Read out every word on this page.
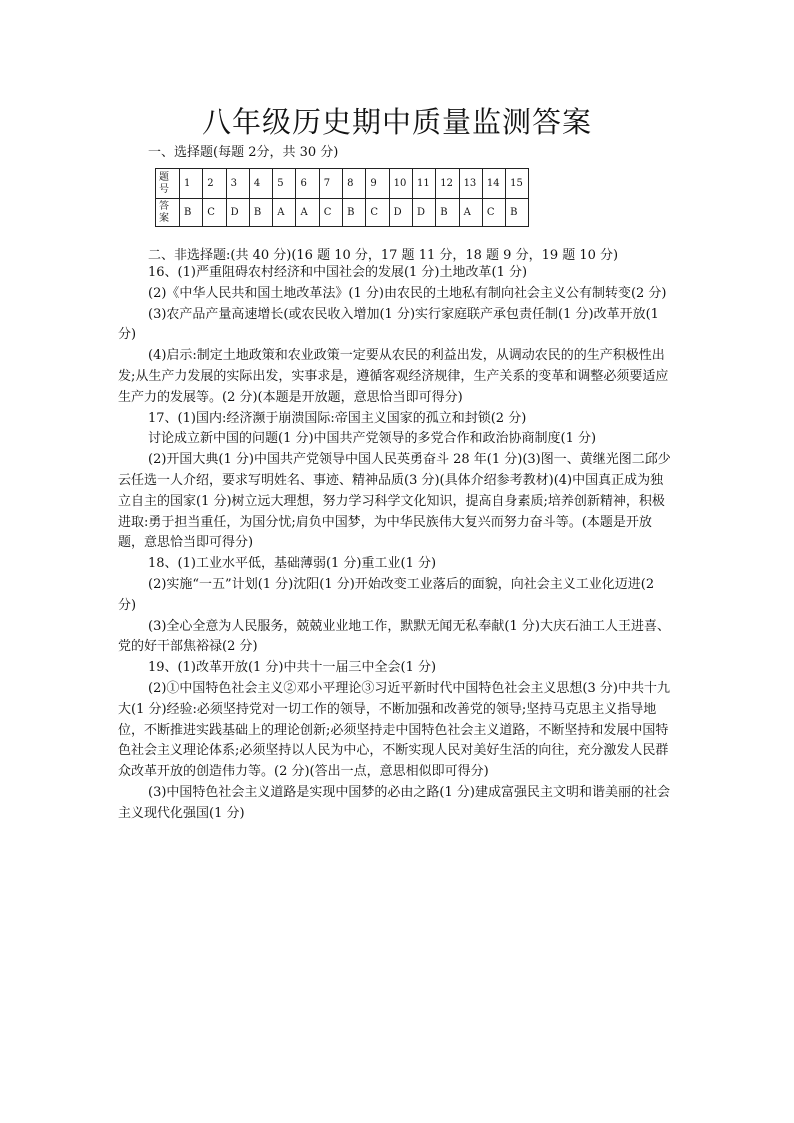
八年级历史期中质量监测答案

一、选择题(每题 2分，共 30 分)

题
号	1	2	3	4	5	6	7	8	9	10	11	12	13	14	15
答
案	B	C	D	B	A	A	C	B	C	D	D	B	A	C	B

二、非选择题:(共 40 分)(16 题 10 分，17 题 11 分，18 题 9 分，19 题 10 分)

16、(1)严重阻碍农村经济和中国社会的发展(1 分)土地改革(1 分)

(2)《中华人民共和国土地改革法》(1 分)由农民的土地私有制向社会主义公有制转变(2 分)

(3)农产品产量高速增长(或农民收入增加(1 分)实行家庭联产承包责任制(1 分)改革开放(1 分)

(4)启示:制定土地政策和农业政策一定要从农民的利益出发，从调动农民的的生产积极性出发;从生产力发展的实际出发，实事求是，遵循客观经济规律，生产关系的变革和调整必须要适应生产力的发展等。(2 分)(本题是开放题，意思恰当即可得分)

17、(1)国内:经济濒于崩溃国际:帝国主义国家的孤立和封锁(2 分)

讨论成立新中国的问题(1 分)中国共产党领导的多党合作和政治协商制度(1 分)

(2)开国大典(1 分)中国共产党领导中国人民英勇奋斗 28 年(1 分)(3)图一、黄继光图二邱少云任选一人介绍，要求写明姓名、事迹、精神品质(3 分)(具体介绍参考教材)(4)中国真正成为独立自主的国家(1 分)树立远大理想，努力学习科学文化知识，提高自身素质;培养创新精神，积极进取:勇于担当重任，为国分忧;肩负中国梦，为中华民族伟大复兴而努力奋斗等。(本题是开放题，意思恰当即可得分)

18、(1)工业水平低，基础薄弱(1 分)重工业(1 分)

(2)实施“一五”计划(1 分)沈阳(1 分)开始改变工业落后的面貌，向社会主义工业化迈进(2 分)

(3)全心全意为人民服务，兢兢业业地工作，默默无闻无私奉献(1 分)大庆石油工人王进喜、党的好干部焦裕禄(2 分)

19、(1)改革开放(1 分)中共十一届三中全会(1 分)

(2)①中国特色社会主义②邓小平理论③习近平新时代中国特色社会主义思想(3 分)中共十九大(1 分)经验:必须坚持党对一切工作的领导，不断加强和改善党的领导;坚持马克思主义指导地位，不断推进实践基础上的理论创新;必须坚持走中国特色社会主义道路，不断坚持和发展中国特色社会主义理论体系;必须坚持以人民为中心，不断实现人民对美好生活的向往，充分激发人民群众改革开放的创造伟力等。(2 分)(答出一点，意思相似即可得分)

(3)中国特色社会主义道路是实现中国梦的必由之路(1 分)建成富强民主文明和谐美丽的社会主义现代化强国(1 分)
